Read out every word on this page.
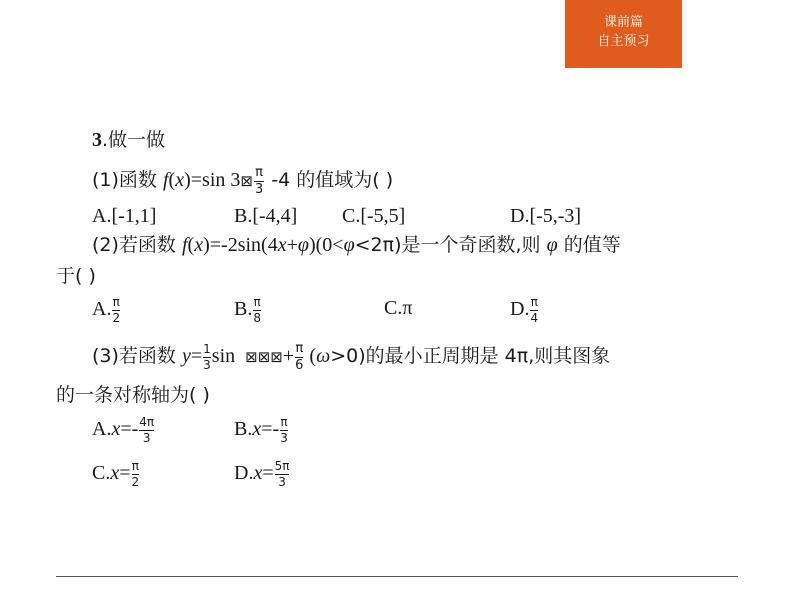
课前篇
自主预习
3.做一做
(1)函数 f(x)=sin 3⊠ $\frac{\pi}{3} -4$ 的值域为( )
A.[-1,1]	B.[-4,4] C.[-5,5]	D.[-5,-3]
(2)若函数 f(x)=-2sin(4x+φ)(0<φ<2π)是一个奇函数,则 φ 的值等
于( )
A. $\frac{\pi}{2}$	B. $\frac{\pi}{8}$	C.π	D. $\frac{\pi}{4}$
(3)若函数 $y= \frac{1}{3}$ sin ⊠⊠⊠+ $\frac{\pi}{6} (\omega>0)$的最小正周期是 4π,则其图象
的一条对称轴为( )
$A.x=- \frac{4\pi}{3}$	$B.x=- \frac{\pi}{3}$
$C.x= \frac{\pi}{2}$	$D.x= \frac{5\pi}{3}$
